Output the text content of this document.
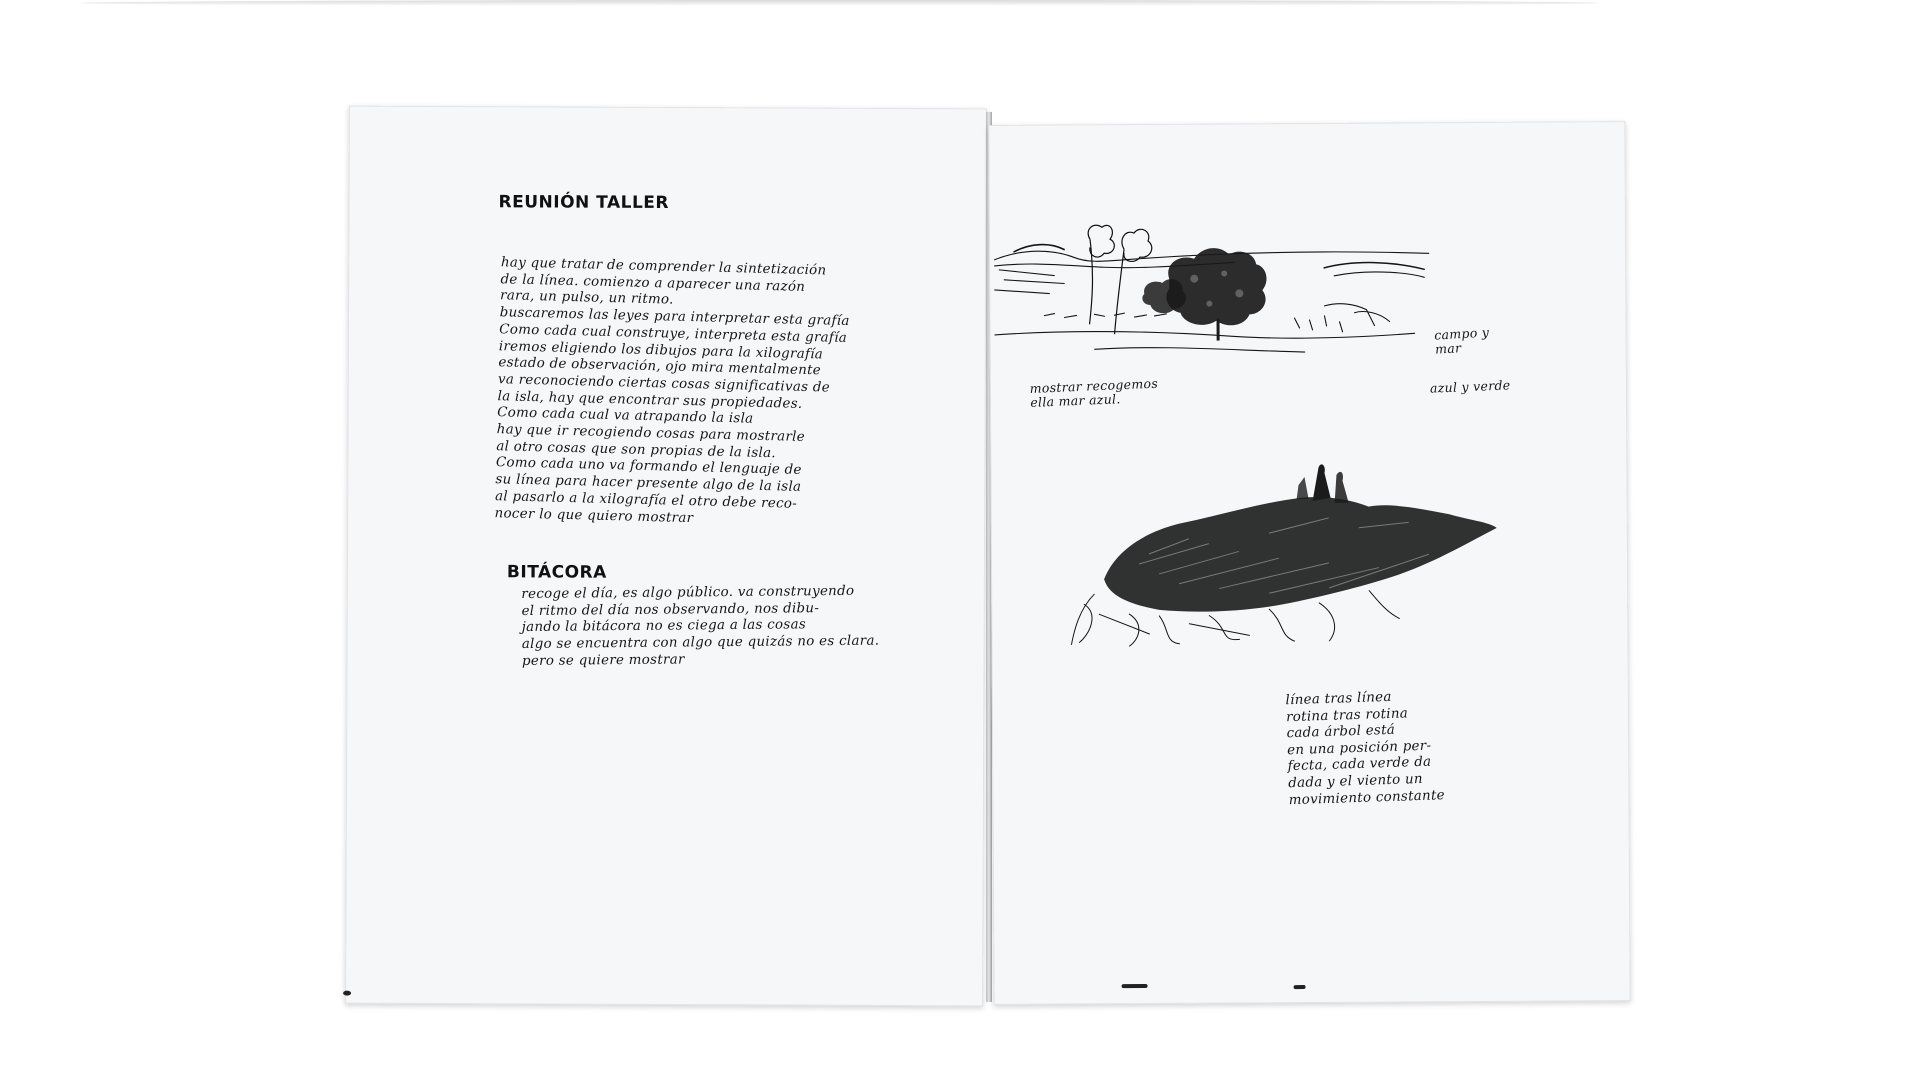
REUNIÓN TALLER
hay que tratar de comprender la sintetización
de la línea. comienzo a aparecer una razón
rara, un pulso, un ritmo.
buscaremos las leyes para interpretar esta grafía
Como cada cual construye, interpreta esta grafía
iremos eligiendo los dibujos para la xilografía
estado de observación, ojo mira mentalmente
va reconociendo ciertas cosas significativas de
la isla, hay que encontrar sus propiedades.
Como cada cual va atrapando la isla
hay que ir recogiendo cosas para mostrarle
al otro cosas que son propias de la isla.
Como cada uno va formando el lenguaje de
su línea para hacer presente algo de la isla
al pasarlo a la xilografía el otro debe reco-
nocer lo que quiero mostrar
BITÁCORA
recoge el día, es algo público. va construyendo
el ritmo del día nos observando, nos dibu-
jando la bitácora no es ciega a las cosas
algo se encuentra con algo que quizás no es clara.
pero se quiere mostrar
mostrar recogemos
ella mar azul.
campo y
mar
azul y verde
línea tras línea
rotina tras rotina
cada árbol está
en una posición per-
fecta, cada verde da
dada y el viento un
movimiento constante
